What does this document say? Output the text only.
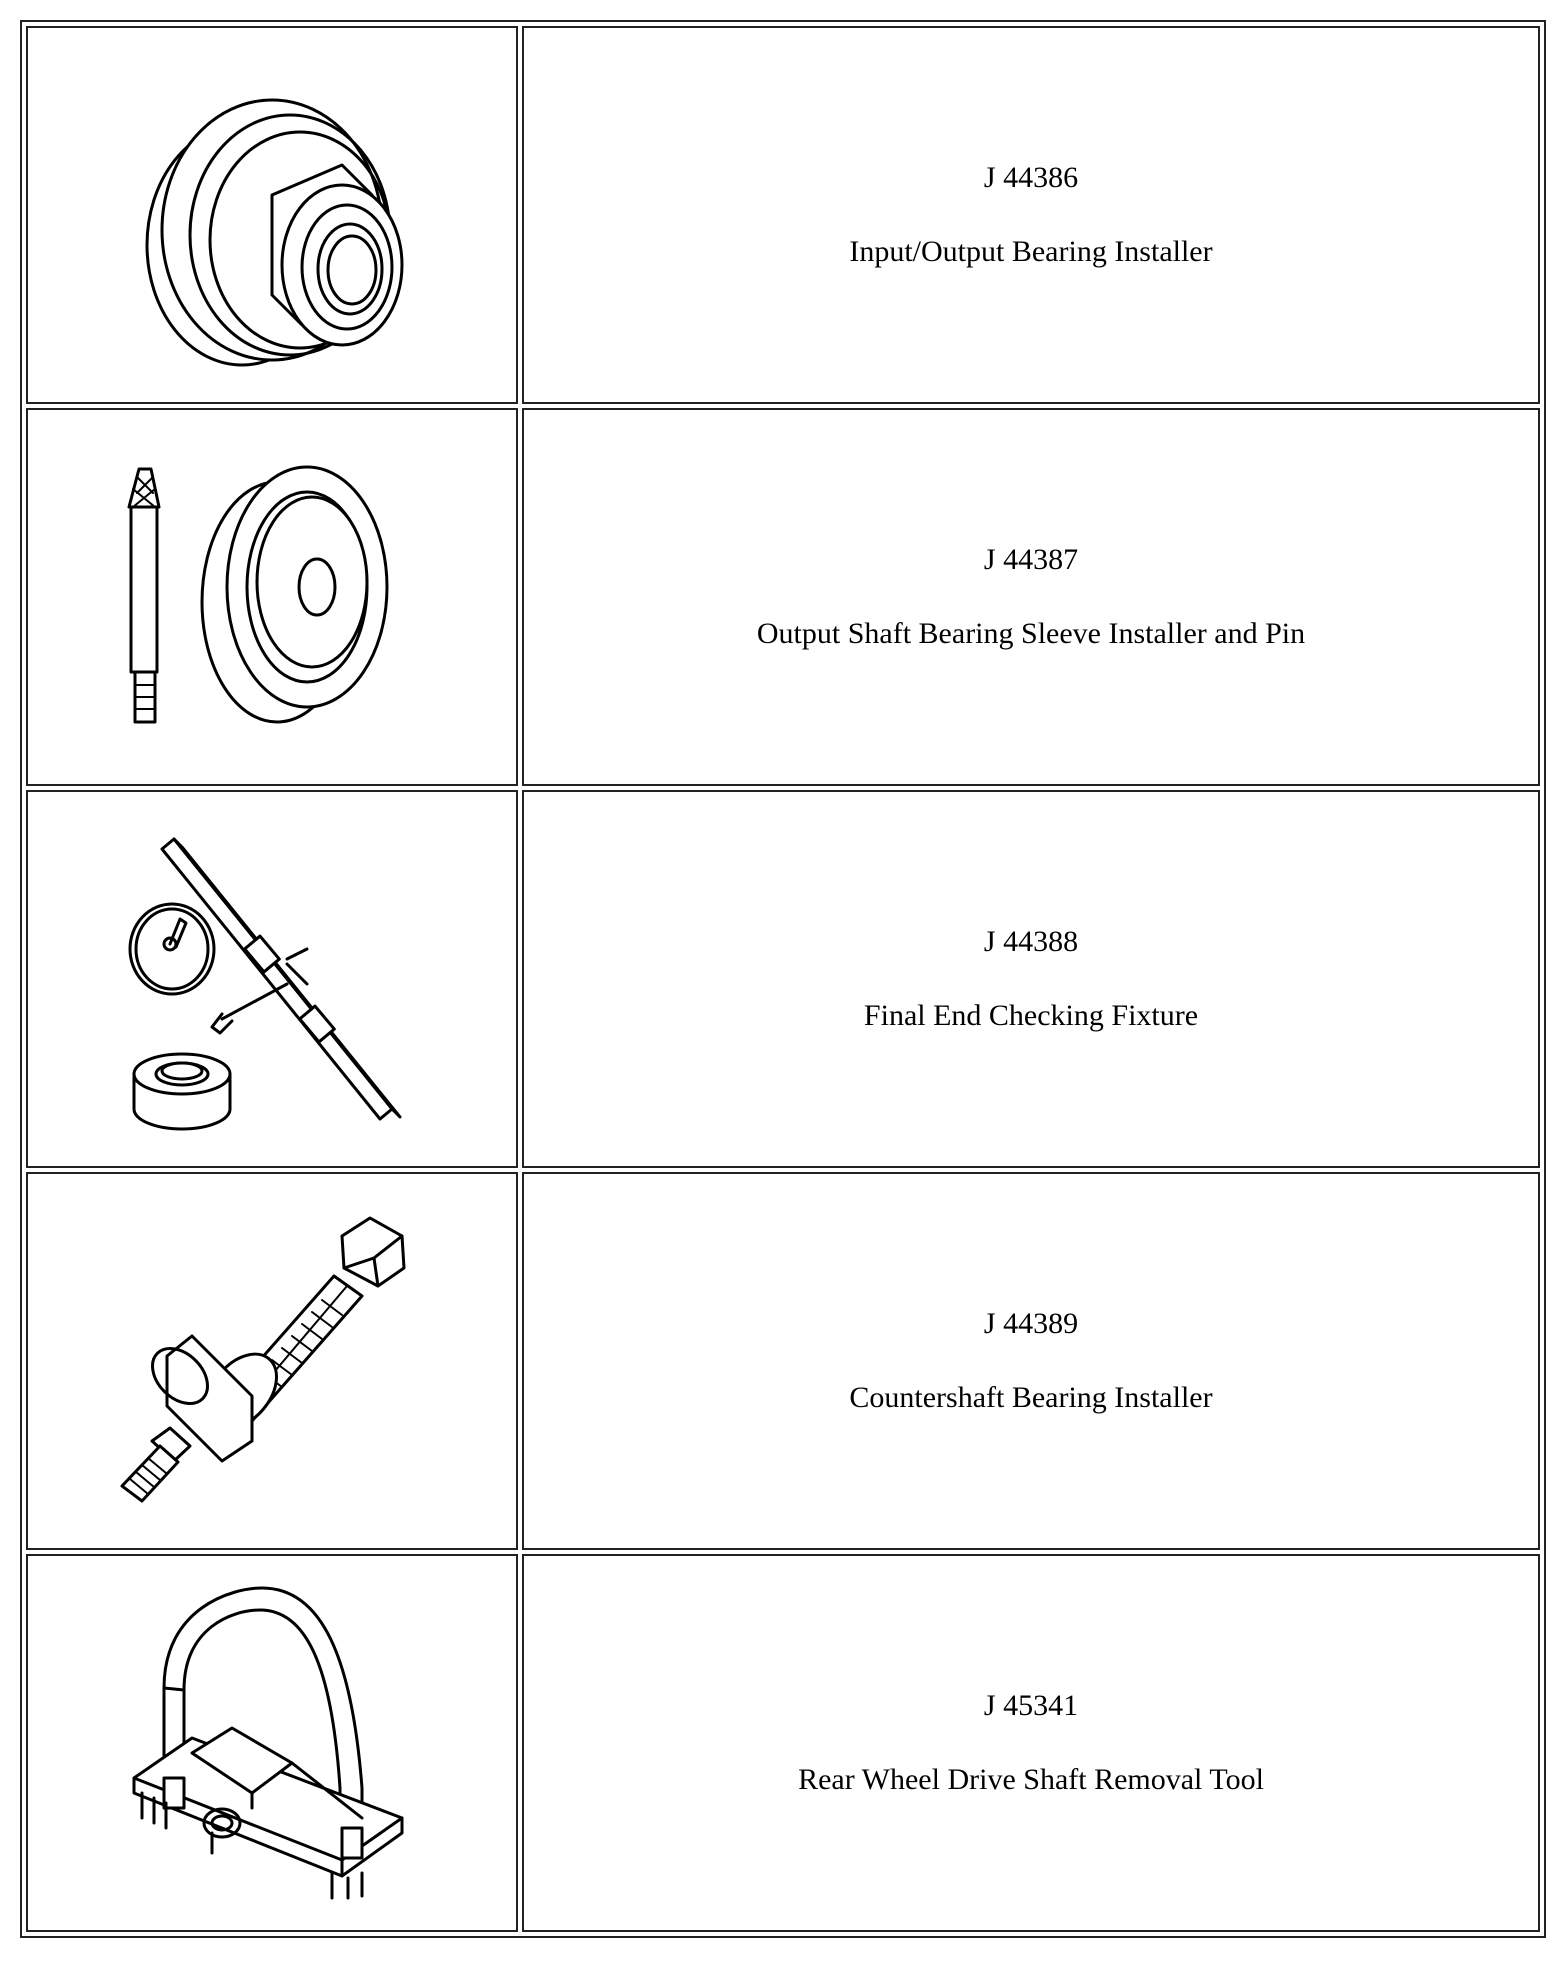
J 44386
Input/Output Bearing Installer

J 44387
Output Shaft Bearing Sleeve Installer and Pin

J 44388
Final End Checking Fixture

J 44389
Countershaft Bearing Installer

J 45341
Rear Wheel Drive Shaft Removal Tool
